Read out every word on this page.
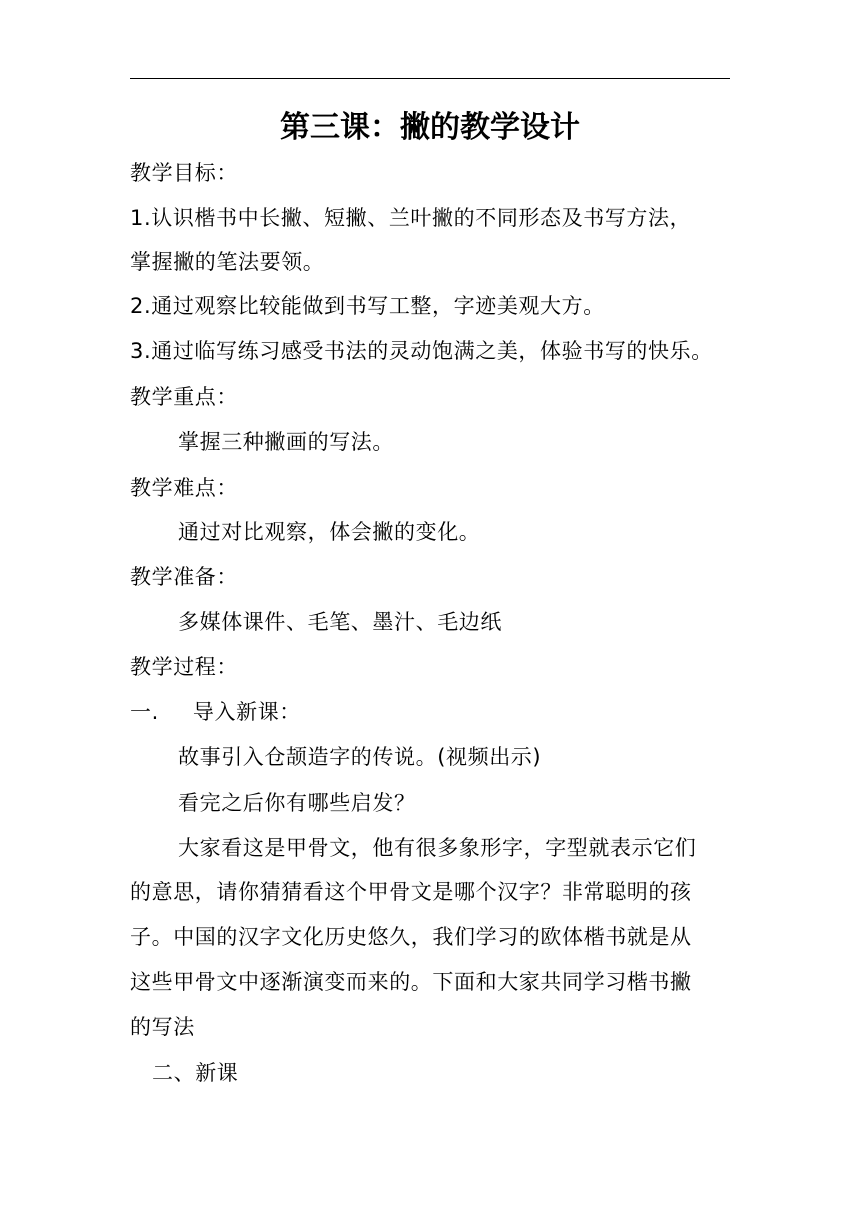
第三课：撇的教学设计
教学目标：
1.认识楷书中长撇、短撇、兰叶撇的不同形态及书写方法，
掌握撇的笔法要领。
2.通过观察比较能做到书写工整，字迹美观大方。
3.通过临写练习感受书法的灵动饱满之美，体验书写的快乐。
教学重点：
掌握三种撇画的写法。
教学难点：
通过对比观察，体会撇的变化。
教学准备：
多媒体课件、毛笔、墨汁、毛边纸
教学过程：
一. 导入新课：
故事引入仓颉造字的传说。(视频出示)
看完之后你有哪些启发？
大家看这是甲骨文，他有很多象形字，字型就表示它们
的意思，请你猜猜看这个甲骨文是哪个汉字？非常聪明的孩
子。中国的汉字文化历史悠久，我们学习的欧体楷书就是从
这些甲骨文中逐渐演变而来的。下面和大家共同学习楷书撇
的写法
二、新课
